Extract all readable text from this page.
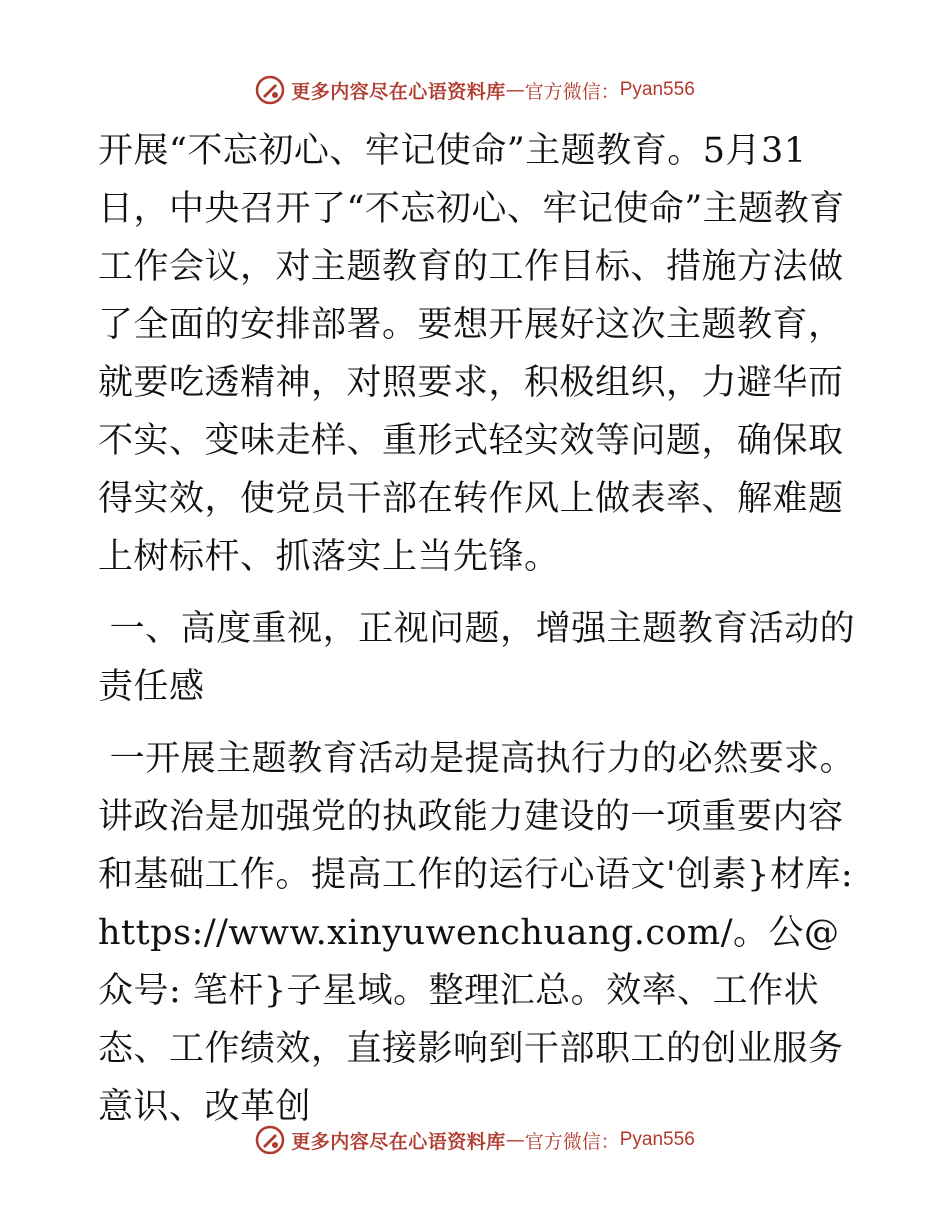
更多内容尽在心语资料库 — 官方微信： Pyan556

开展“不忘初心、牢记使命”主题教育。5月31日，中央召开了“不忘初心、牢记使命”主题教育工作会议，对主题教育的工作目标、措施方法做了全面的安排部署。要想开展好这次主题教育，就要吃透精神，对照要求，积极组织，力避华而不实、变味走样、重形式轻实效等问题，确保取得实效，使党员干部在转作风上做表率、解难题上树标杆、抓落实上当先锋。

一、高度重视，正视问题，增强主题教育活动的责任感

一开展主题教育活动是提高执行力的必然要求。讲政治是加强党的执政能力建设的一项重要内容和基础工作。提高工作的运行心语文'创素}材库: https://www.xinyuwenchuang.com/。公@众号: 笔杆}子星域。整理汇总。效率、工作状态、工作绩效，直接影响到干部职工的创业服务意识、改革创

更多内容尽在心语资料库 — 官方微信： Pyan556
